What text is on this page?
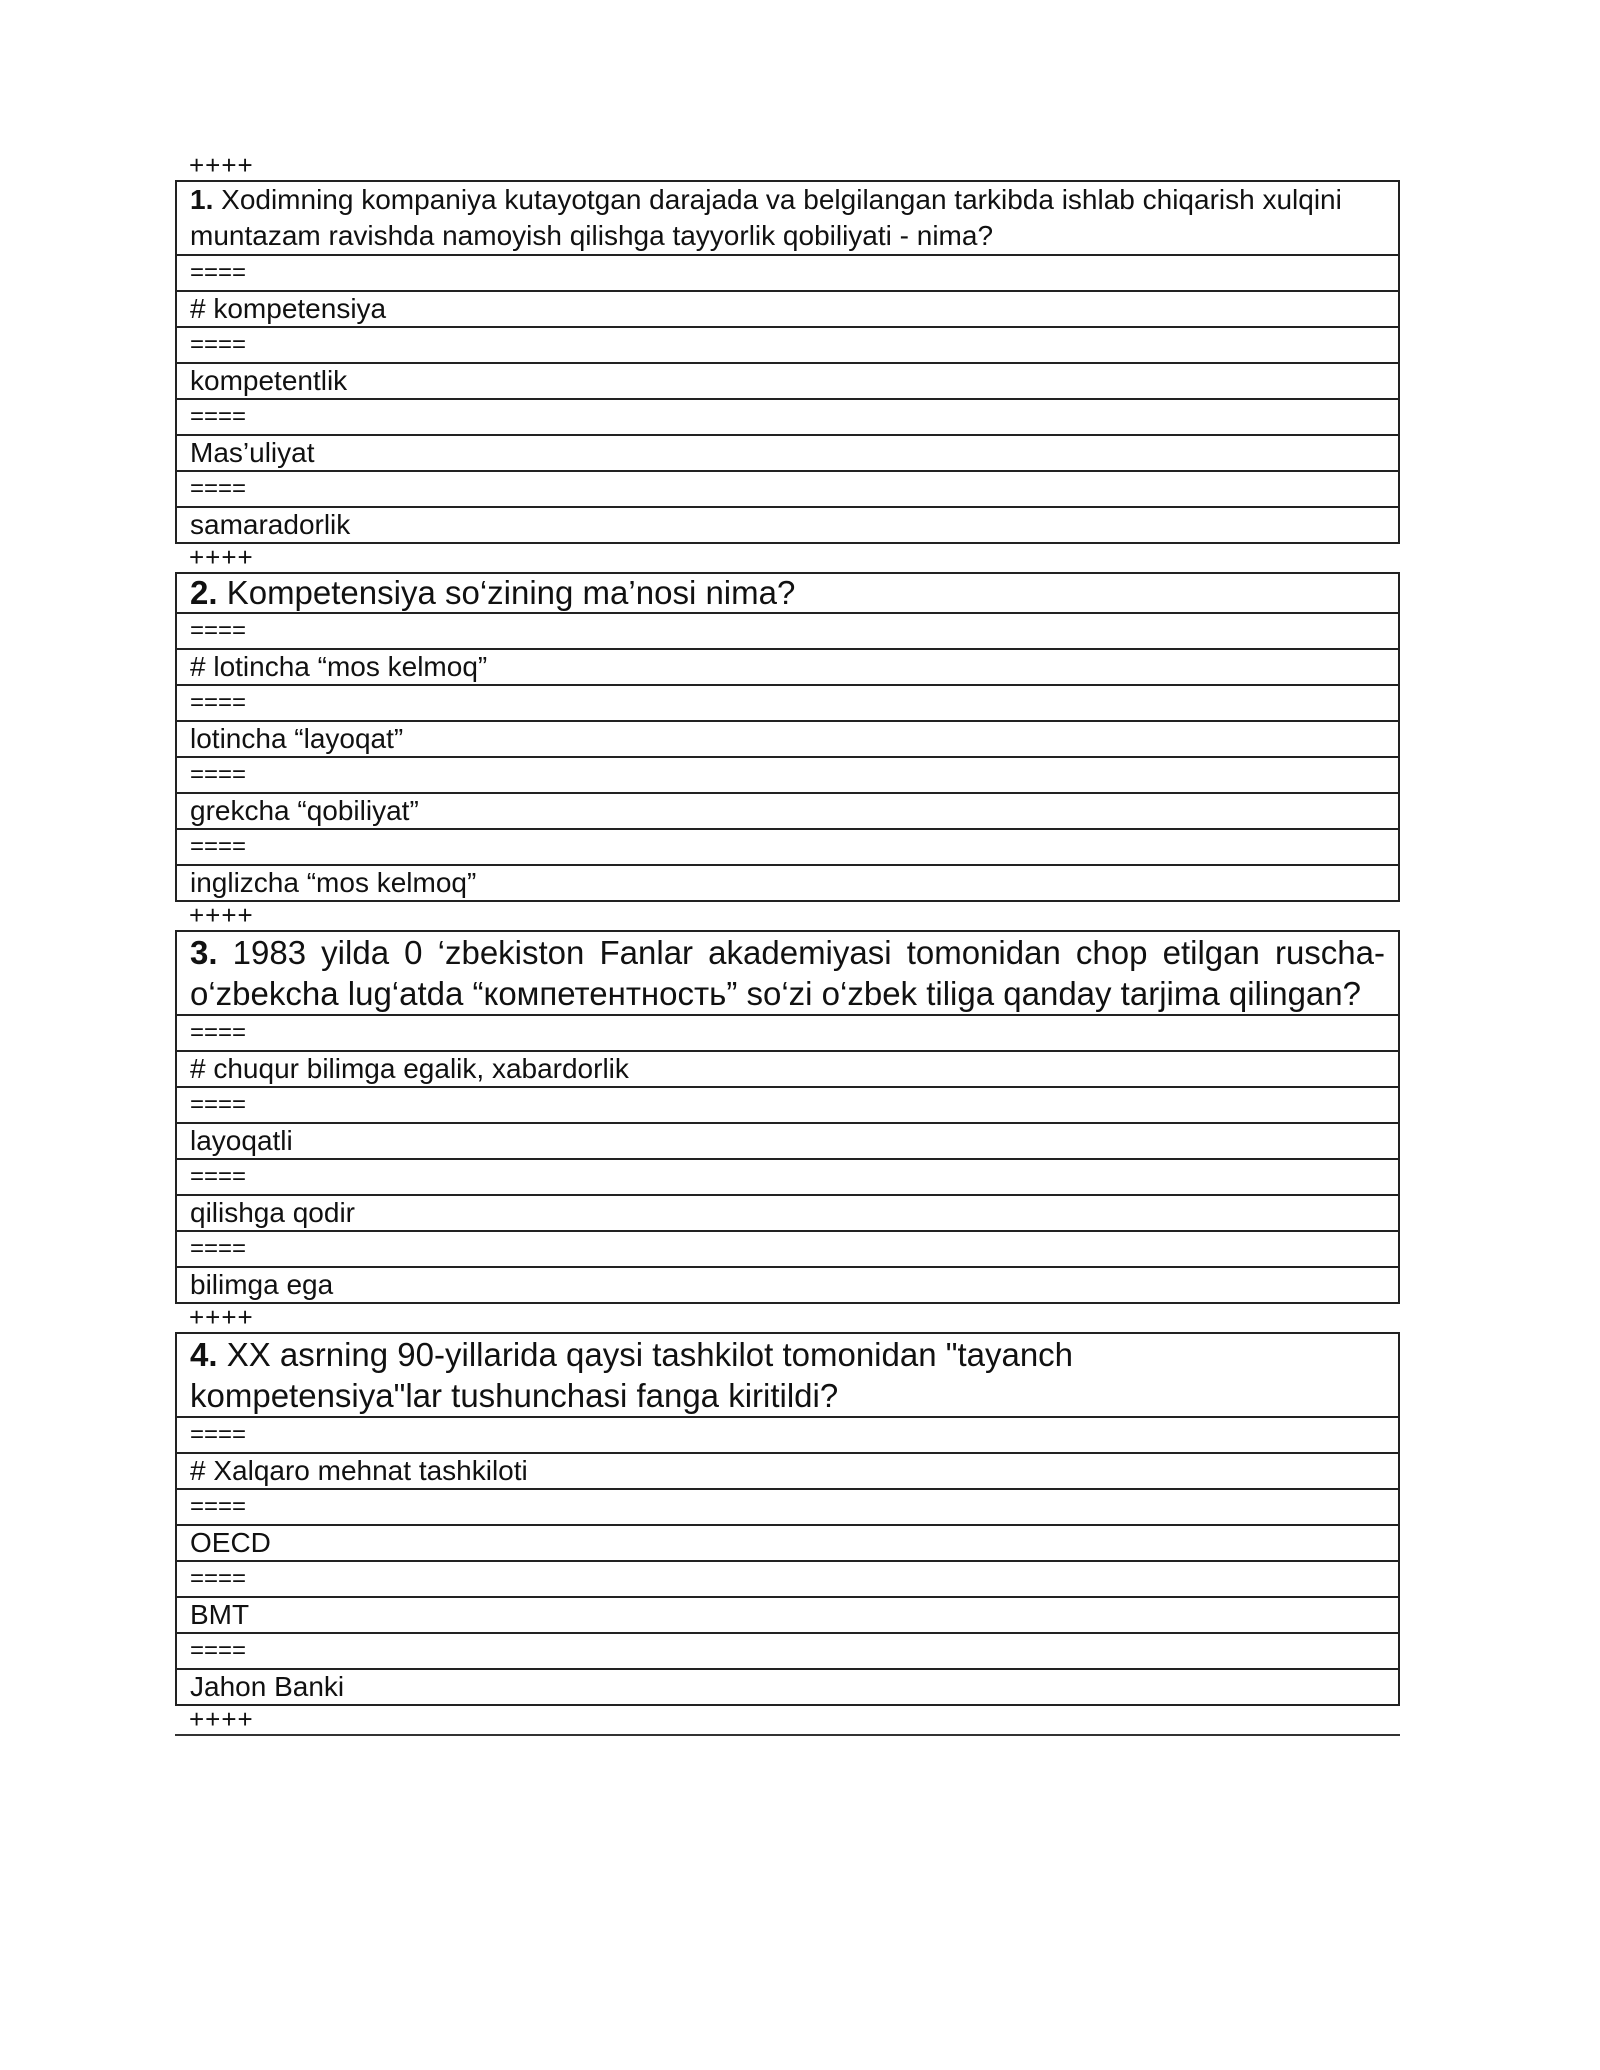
++++
1. Xodimning kompaniya kutayotgan darajada va belgilangan tarkibda ishlab chiqarish xulqini muntazam ravishda namoyish qilishga tayyorlik qobiliyati - nima?
====
# kompetensiya
====
kompetentlik
====
Mas’uliyat
====
samaradorlik
++++
2. Kompetensiya so‘zining ma’nosi nima?
====
# lotincha “mos kelmoq”
====
lotincha “layoqat”
====
grekcha “qobiliyat”
====
inglizcha “mos kelmoq”
++++
3. 1983 yilda 0 ‘zbekiston Fanlar akademiyasi tomonidan chop etilgan ruscha-o‘zbekcha lug‘atda “компетентность” so‘zi o‘zbek tiliga qanday tarjima qilingan?
====
# chuqur bilimga egalik, xabardorlik
====
layoqatli
====
qilishga qodir
====
bilimga ega
++++
4. XX asrning 90-yillarida qaysi tashkilot tomonidan "tayanch kompetensiya"lar tushunchasi fanga kiritildi?
====
# Xalqaro mehnat tashkiloti
====
OECD
====
BMT
====
Jahon Banki
++++
